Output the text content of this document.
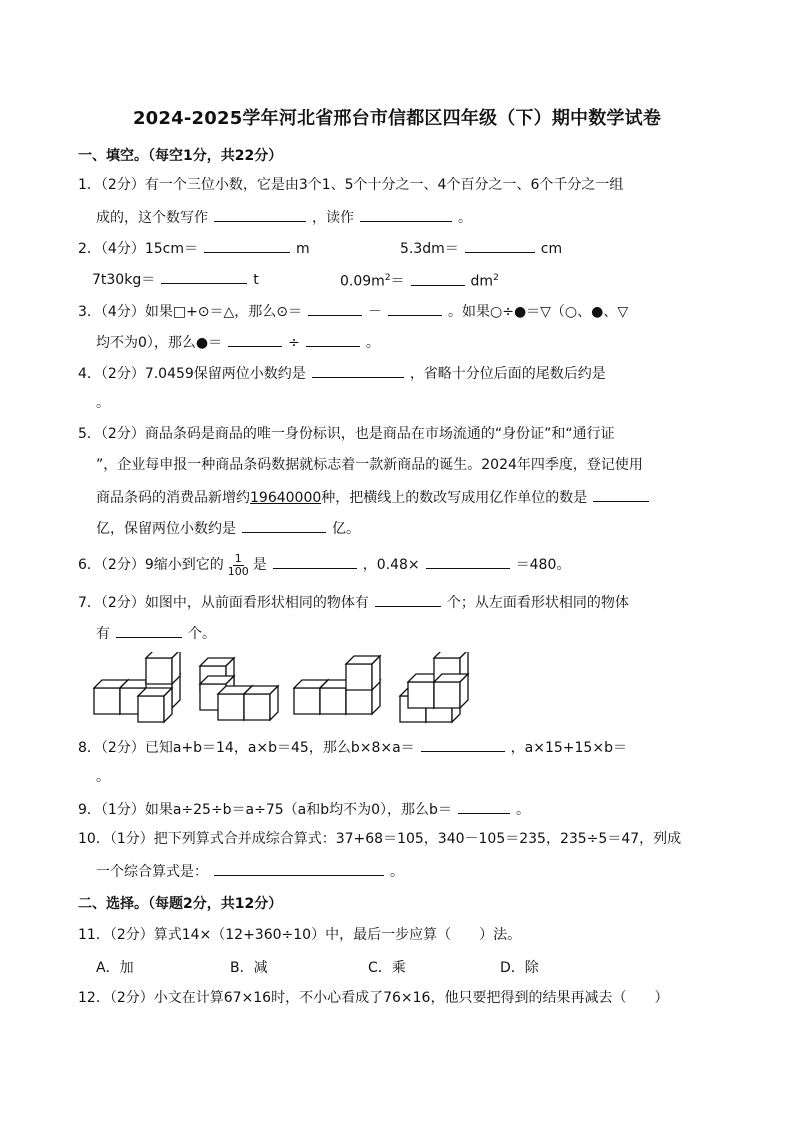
2024-2025学年河北省邢台市信都区四年级（下）期中数学试卷
一、填空。（每空1分，共22分）
1．（2分）有一个三位小数，它是由3个1、5个十分之一、4个百分之一、6个千分之一组
成的，这个数写作	，读作	。
2．（4分）15cm＝	m	5.3dm＝	cm
7t30kg＝	t	$0.09m^2=$	$dm^2$
3．（4分）如果□+⊙＝△，那么⊙＝	－	。如果○÷●＝▽（○、●、▽
均不为0），那么●＝	÷	。
4．（2分）7.0459保留两位小数约是	，省略十分位后面的尾数后约是
。
5．（2分）商品条码是商品的唯一身份标识，也是商品在市场流通的“身份证”和“通行证
”，企业每申报一种商品条码数据就标志着一款新商品的诞生。2024年四季度，登记使用
商品条码的消费品新增约19640000种，把横线上的数改写成用亿作单位的数是
亿，保留两位小数约是	亿。
6．（2分）9缩小到它的 $\frac{1}{100}$ 是	，0.48×	＝480。
7．（2分）如图中，从前面看形状相同的物体有	个；从左面看形状相同的物体
有	个。
8．（2分）已知a+b＝14，a×b＝45，那么b×8×a＝	，a×15+15×b＝
。
9．（1分）如果a÷25÷b＝a÷75（a和b均不为0），那么b＝	。
10．（1分）把下列算式合并成综合算式：37+68＝105，340－105＝235，235÷5＝47，列成
一个综合算式是：	。
二、选择。（每题2分，共12分）
11．（2分）算式14×（12+360÷10）中，最后一步应算（　　）法。
A．加	B．减	C．乘	D．除
12．（2分）小文在计算67×16时，不小心看成了76×16，他只要把得到的结果再减去（　　）
